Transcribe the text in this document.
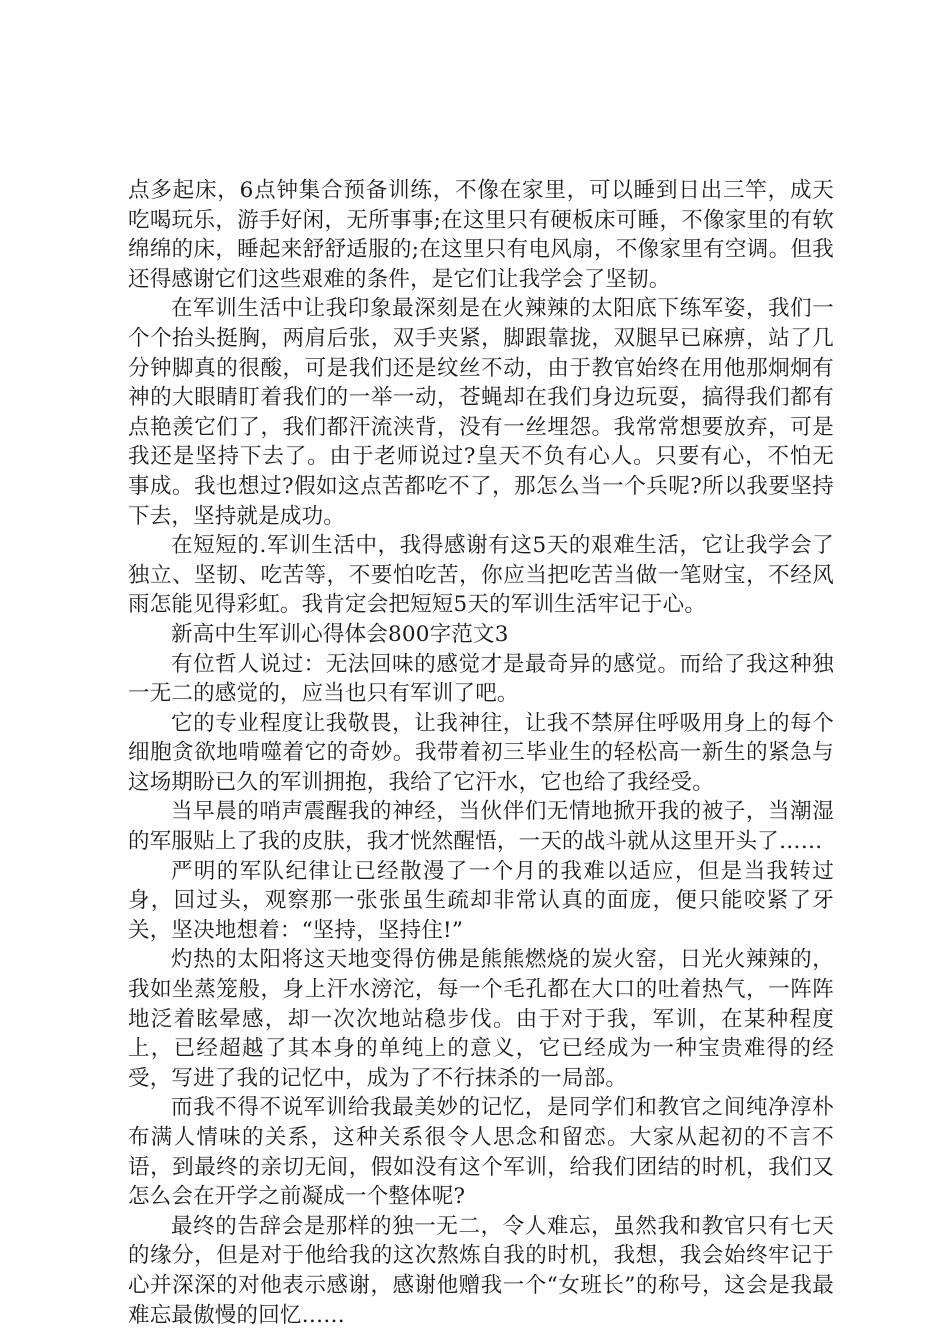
点多起床，6点钟集合预备训练，不像在家里，可以睡到日出三竿，成天吃喝玩乐，游手好闲，无所事事;在这里只有硬板床可睡，不像家里的有软绵绵的床，睡起来舒舒适服的;在这里只有电风扇，不像家里有空调。但我还得感谢它们这些艰难的条件，是它们让我学会了坚韧。

在军训生活中让我印象最深刻是在火辣辣的太阳底下练军姿，我们一个个抬头挺胸，两肩后张，双手夹紧，脚跟靠拢，双腿早已麻痹，站了几分钟脚真的很酸，可是我们还是纹丝不动，由于教官始终在用他那炯炯有神的大眼睛盯着我们的一举一动，苍蝇却在我们身边玩耍，搞得我们都有点艳羡它们了，我们都汗流浃背，没有一丝埋怨。我常常想要放弃，可是我还是坚持下去了。由于老师说过?皇天不负有心人。只要有心，不怕无事成。我也想过?假如这点苦都吃不了，那怎么当一个兵呢?所以我要坚持下去，坚持就是成功。

在短短的.军训生活中，我得感谢有这5天的艰难生活，它让我学会了独立、坚韧、吃苦等，不要怕吃苦，你应当把吃苦当做一笔财宝，不经风雨怎能见得彩虹。我肯定会把短短5天的军训生活牢记于心。

新高中生军训心得体会800字范文3

有位哲人说过：无法回味的感觉才是最奇异的感觉。而给了我这种独一无二的感觉的，应当也只有军训了吧。

它的专业程度让我敬畏，让我神往，让我不禁屏住呼吸用身上的每个细胞贪欲地啃噬着它的奇妙。我带着初三毕业生的轻松高一新生的紧急与这场期盼已久的军训拥抱，我给了它汗水，它也给了我经受。

当早晨的哨声震醒我的神经，当伙伴们无情地掀开我的被子，当潮湿的军服贴上了我的皮肤，我才恍然醒悟，一天的战斗就从这里开头了……

严明的军队纪律让已经散漫了一个月的我难以适应，但是当我转过身，回过头，观察那一张张虽生疏却非常认真的面庞，便只能咬紧了牙关，坚决地想着：“坚持，坚持住!”

灼热的太阳将这天地变得仿佛是熊熊燃烧的炭火窑，日光火辣辣的，我如坐蒸笼般，身上汗水滂沱，每一个毛孔都在大口的吐着热气，一阵阵地泛着眩晕感，却一次次地站稳步伐。由于对于我，军训，在某种程度上，已经超越了其本身的单纯上的意义，它已经成为一种宝贵难得的经受，写进了我的记忆中，成为了不行抹杀的一局部。

而我不得不说军训给我最美妙的记忆，是同学们和教官之间纯净淳朴布满人情味的关系，这种关系很令人思念和留恋。大家从起初的不言不语，到最终的亲切无间，假如没有这个军训，给我们团结的时机，我们又怎么会在开学之前凝成一个整体呢?

最终的告辞会是那样的独一无二，令人难忘，虽然我和教官只有七天的缘分，但是对于他给我的这次熬炼自我的时机，我想，我会始终牢记于心并深深的对他表示感谢，感谢他赠我一个“女班长”的称号，这会是我最难忘最傲慢的回忆……
